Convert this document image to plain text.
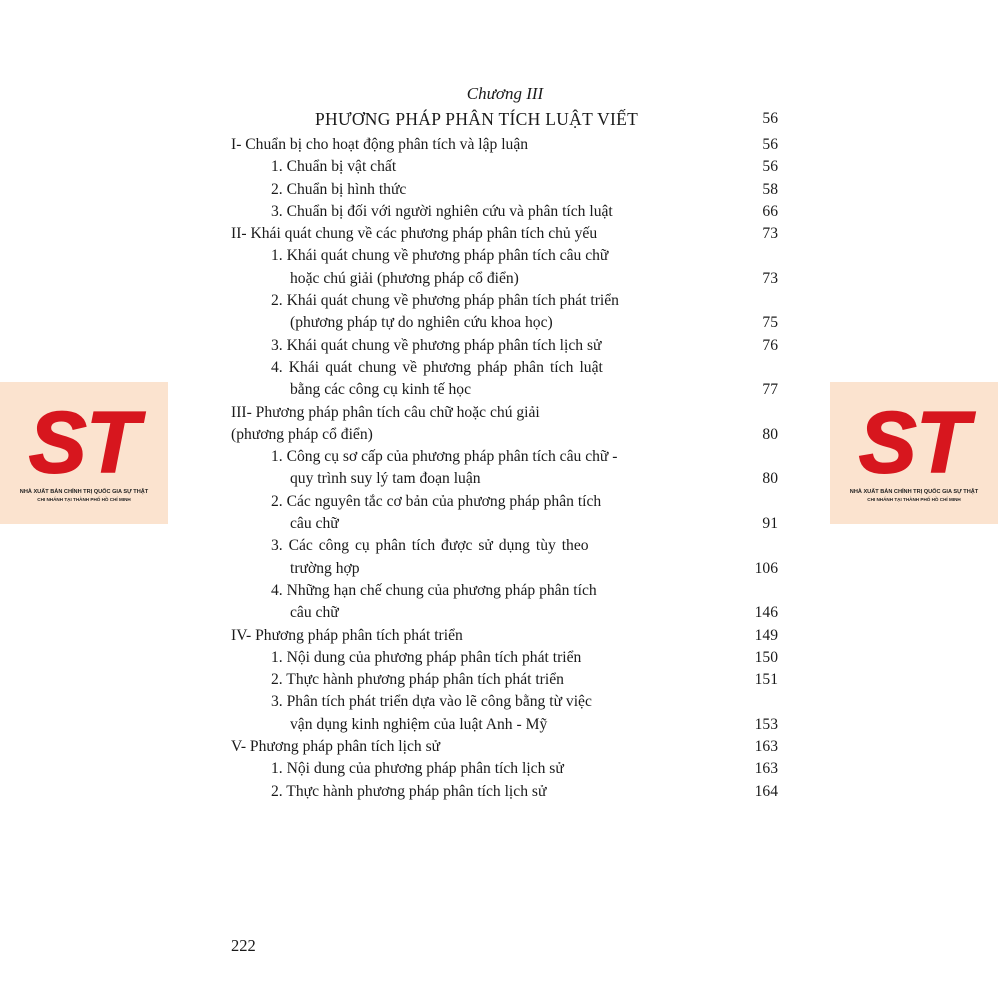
Chương III
PHƯƠNG PHÁP PHÂN TÍCH LUẬT VIẾT	56
I- Chuẩn bị cho hoạt động phân tích và lập luận	56
1. Chuẩn bị vật chất	56
2. Chuẩn bị hình thức	58
3. Chuẩn bị đối với người nghiên cứu và phân tích luật	66
II- Khái quát chung về các phương pháp phân tích chủ yếu	73
1. Khái quát chung về phương pháp phân tích câu chữ
hoặc chú giải (phương pháp cổ điển)	73
2. Khái quát chung về phương pháp phân tích phát triển
(phương pháp tự do nghiên cứu khoa học)	75
3. Khái quát chung về phương pháp phân tích lịch sử	76
4. Khái quát chung về phương pháp phân tích luật
bằng các công cụ kinh tế học	77
III- Phương pháp phân tích câu chữ hoặc chú giải
(phương pháp cổ điển)	80
1. Công cụ sơ cấp của phương pháp phân tích câu chữ -
quy trình suy lý tam đoạn luận	80
2. Các nguyên tắc cơ bản của phương pháp phân tích
câu chữ	91
3. Các công cụ phân tích được sử dụng tùy theo
trường hợp	106
4. Những hạn chế chung của phương pháp phân tích
câu chữ	146
IV- Phương pháp phân tích phát triển	149
1. Nội dung của phương pháp phân tích phát triển	150
2. Thực hành phương pháp phân tích phát triển	151
3. Phân tích phát triển dựa vào lẽ công bằng từ việc
vận dụng kinh nghiệm của luật Anh - Mỹ	153
V- Phương pháp phân tích lịch sử	163
1. Nội dung của phương pháp phân tích lịch sử	163
2. Thực hành phương pháp phân tích lịch sử	164
222
ST
NHÀ XUẤT BẢN CHÍNH TRỊ QUỐC GIA SỰ THẬT
CHI NHÁNH TẠI THÀNH PHỐ HỒ CHÍ MINH
ST
NHÀ XUẤT BẢN CHÍNH TRỊ QUỐC GIA SỰ THẬT
CHI NHÁNH TẠI THÀNH PHỐ HỒ CHÍ MINH
